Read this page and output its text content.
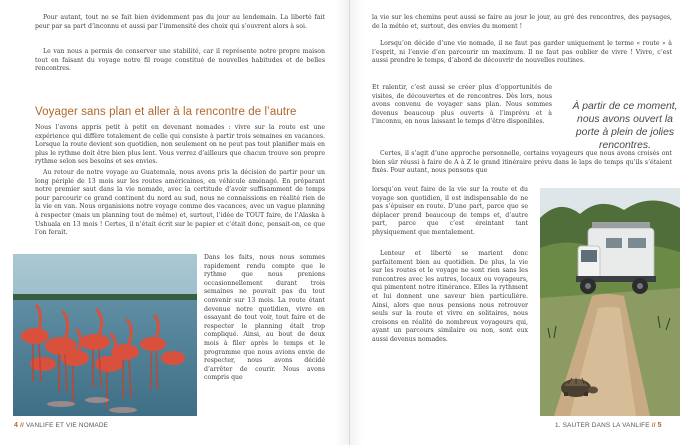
Pour autant, tout ne se fait bien évidemment pas du jour au lendemain. La liberté fait peur par sa part d’inconnu et aussi par l’immensité des choix qui s’ouvrent alors à soi.

Le van nous a permis de conserver une stabilité, car il représente notre propre maison tout en faisant du voyage notre fil rouge constitué de nouvelles habitudes et de belles rencontres.

Voyager sans plan et aller à la rencontre de l’autre

Nous l’avons appris petit à petit en devenant nomades : vivre sur la route est une expérience qui diffère totalement de celle qui consiste à partir trois semaines en vacances. Lorsque la route devient son quotidien, non seulement on ne peut pas tout planifier mais en plus le rythme doit être bien plus lent. Vous verrez d’ailleurs que chacun trouve son propre rythme selon ses besoins et ses envies.

Au retour de notre voyage au Guatemala, nous avons pris la décision de partir pour un long périple de 13 mois sur les routes américaines, en véhicule aménagé. En préparant notre premier saut dans la vie nomade, avec la certitude d’avoir suffisamment de temps pour parcourir ce grand continent du nord au sud, nous ne connaissions en réalité rien de la vie en van. Nous organisions notre voyage comme des vacances, avec un vague planning à respecter (mais un planning tout de même) et, surtout, l’idée de TOUT faire, de l’Alaska à Ushuaïa en 13 mois ! Certes, il n’était écrit sur le papier et c’était donc, pensait-on, ce que l’on ferait.

Dans les faits, nous nous sommes rapidement rendu compte que le rythme que nous prenions occasionnellement durant trois semaines ne pouvait pas du tout convenir sur 13 mois. La route étant devenue notre quotidien, vivre en essayant de tout voir, tout faire et de respecter le planning était trop compliqué. Ainsi, au bout de deux mois à filer après le temps et le programme que nous avions envie de respecter, nous avons décidé d’arrêter de courir. Nous avons compris que

4 // VANLIFE ET VIE NOMADE

la vie sur les chemins peut aussi se faire au jour le jour, au gré des rencontres, des paysages, de la météo et, surtout, des envies du moment !

Lorsqu’on décide d’une vie nomade, il ne faut pas garder uniquement le terme « route » à l’esprit, ni l’envie d’en parcourir un maximum. Il ne faut pas oublier de vivre ! Vivre, c’est aussi prendre le temps, d’abord de découvrir de nouvelles routines.

Et ralentir, c’est aussi se créer plus d’opportunités de visites, de découvertes et de rencontres. Dès lors, nous avons convenu de voyager sans plan. Nous sommes devenus beaucoup plus ouverts à l’imprévu et à l’inconnu, en nous laissant le temps d’être disponibles.

À partir de ce moment, nous avons ouvert la porte à plein de jolies rencontres.

Certes, il s’agit d’une approche personnelle, certains voyageurs que nous avons croisés ont bien sûr réussi à faire de A à Z le grand itinéraire prévu dans le laps de temps qu’ils s’étaient fixés. Pour autant, nous pensons que

lorsqu’on veut faire de la vie sur la route et du voyage son quotidien, il est indispensable de ne pas s’épuiser en route. D’une part, parce que se déplacer prend beaucoup de temps et, d’autre part, parce que c’est éreintant tant physiquement que mentalement.

Lenteur et liberté se marient donc parfaitement bien au quotidien. De plus, la vie sur les routes et le voyage ne sont rien sans les rencontres avec les autres, locaux ou voyageurs, qui pimentent notre itinérance. Elles la rythment et lui donnent une saveur bien particulière. Ainsi, alors que nous pensions nous retrouver seuls sur la route et vivre en solitaires, nous croisons en réalité de nombreux voyageurs qui, ayant un parcours similaire ou non, sont eux aussi devenus nomades.

1. SAUTER DANS LA VANLIFE // 5
